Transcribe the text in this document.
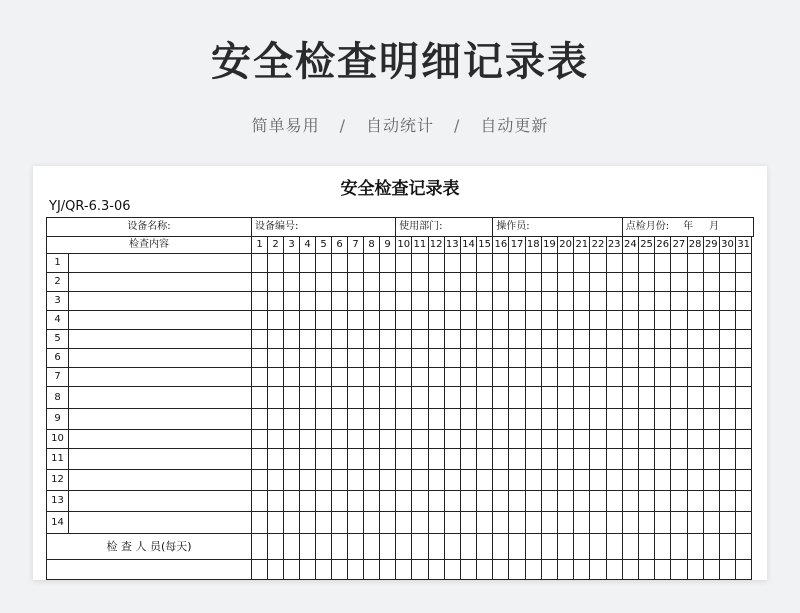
安全检查明细记录表
简单易用 / 自动统计 / 自动更新
安全检查记录表
YJ/QR-6.3-06
设备名称:		设备编号:									使用部门:						操作员:								点检月份: 年 月							
检查内容		1	2	3	4	5	6	7	8	9	10	11	12	13	14	15	16	17	18	19	20	21	22	23	24	25	26	27	28	29	30	31
1																																
2																																
3																																
4																																
5																																
6																																
7																																
8																																
9																																
10																																
11																																
12																																
13																																
14																																
检 查 人 员(每天)																																
